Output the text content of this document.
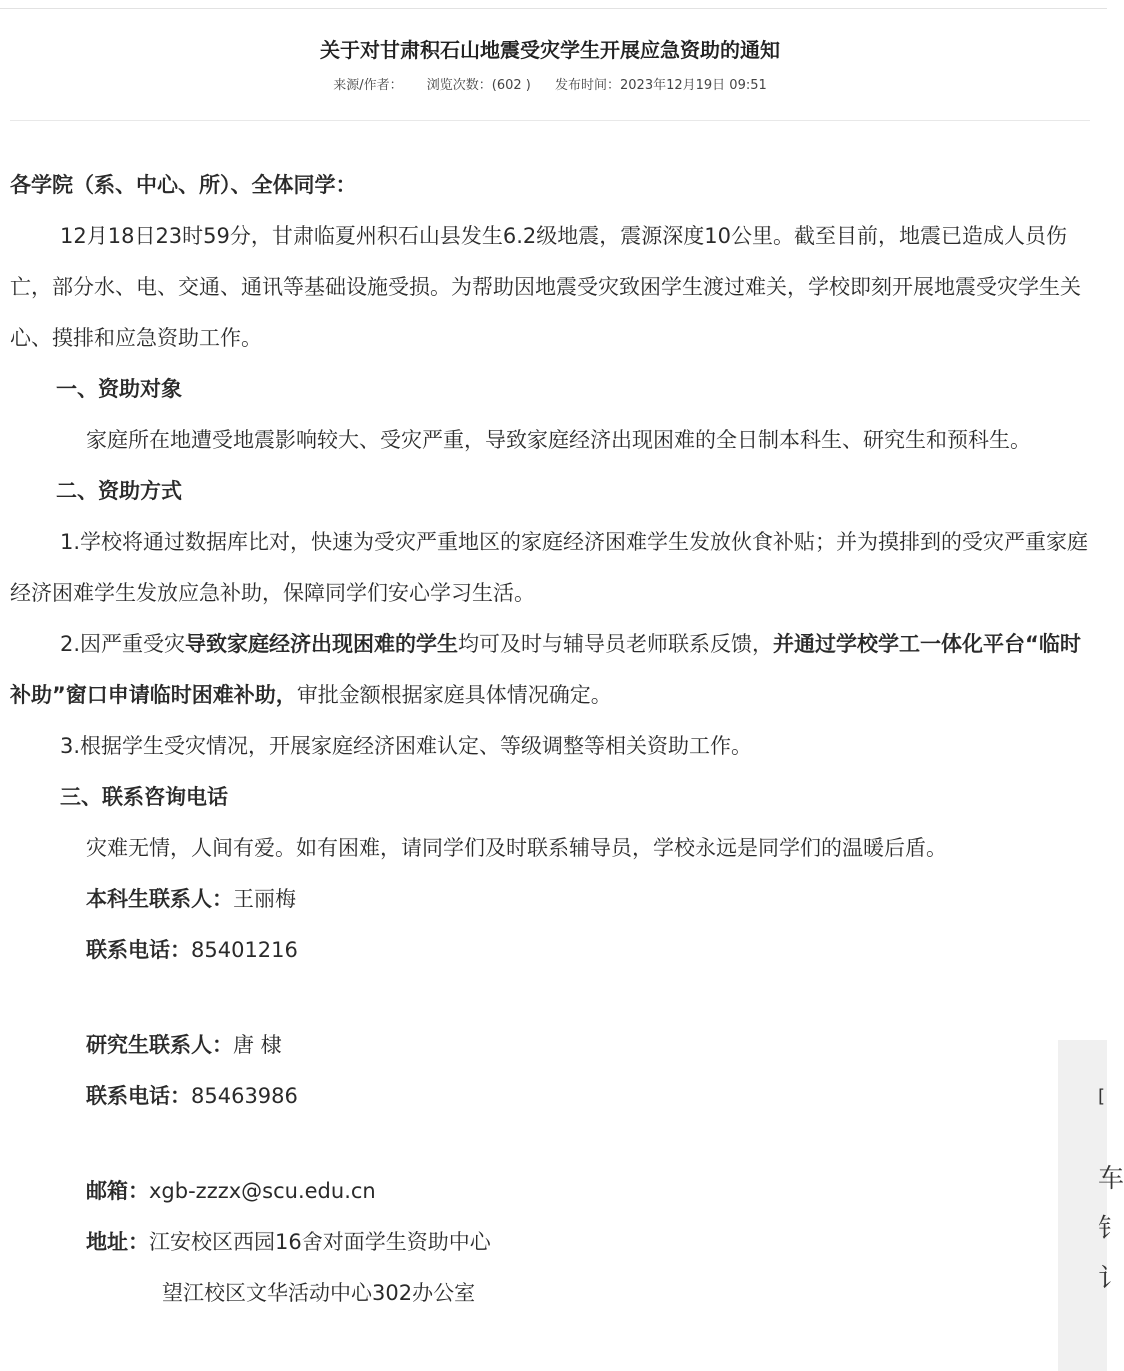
关于对甘肃积石山地震受灾学生开展应急资助的通知
来源/作者： 浏览次数：(602 ) 发布时间：2023年12月19日 09:51

各学院（系、中心、所）、全体同学：

12月18日23时59分，甘肃临夏州积石山县发生6.2级地震，震源深度10公里。截至目前，地震已造成人员伤亡，部分水、电、交通、通讯等基础设施受损。为帮助因地震受灾致困学生渡过难关，学校即刻开展地震受灾学生关心、摸排和应急资助工作。

一、资助对象

家庭所在地遭受地震影响较大、受灾严重，导致家庭经济出现困难的全日制本科生、研究生和预科生。

二、资助方式

1.学校将通过数据库比对，快速为受灾严重地区的家庭经济困难学生发放伙食补贴；并为摸排到的受灾严重家庭经济困难学生发放应急补助，保障同学们安心学习生活。

2.因严重受灾导致家庭经济出现困难的学生均可及时与辅导员老师联系反馈，并通过学校学工一体化平台“临时补助”窗口申请临时困难补助，审批金额根据家庭具体情况确定。

3.根据学生受灾情况，开展家庭经济困难认定、等级调整等相关资助工作。

三、联系咨询电话

灾难无情，人间有爱。如有困难，请同学们及时联系辅导员，学校永远是同学们的温暖后盾。

本科生联系人：王丽梅

联系电话：85401216

研究生联系人：唐 棣

联系电话：85463986

邮箱：xgb-zzzx@scu.edu.cn

地址：江安校区西园16舍对面学生资助中心

望江校区文华活动中心302办公室

[
车
钅
讠
